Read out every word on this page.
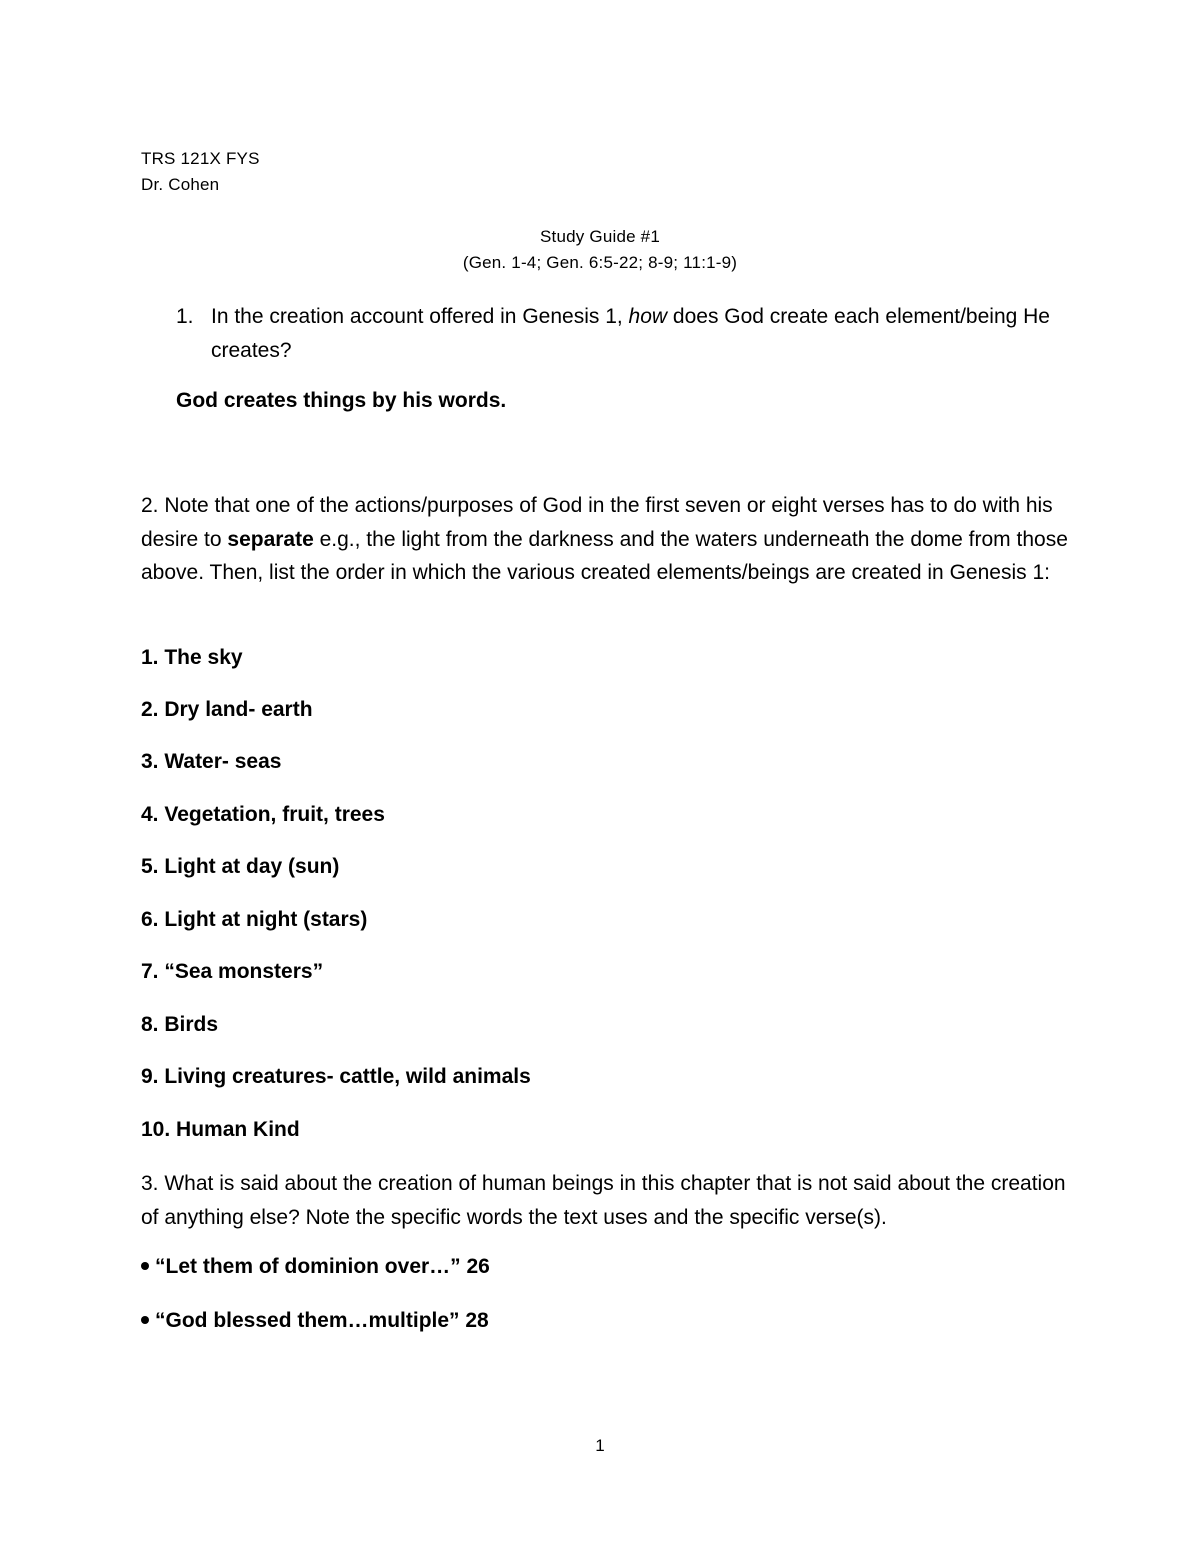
TRS 121X FYS
Dr. Cohen
Study Guide #1
(Gen. 1-4; Gen. 6:5-22; 8-9; 11:1-9)
1. In the creation account offered in Genesis 1, how does God create each element/being He creates?
God creates things by his words.
2. Note that one of the actions/purposes of God in the first seven or eight verses has to do with his desire to separate e.g., the light from the darkness and the waters underneath the dome from those above. Then, list the order in which the various created elements/beings are created in Genesis 1:
1. The sky
2. Dry land- earth
3. Water- seas
4. Vegetation, fruit, trees
5. Light at day (sun)
6. Light at night (stars)
7. “Sea monsters”
8. Birds
9. Living creatures- cattle, wild animals
10. Human Kind
3. What is said about the creation of human beings in this chapter that is not said about the creation of anything else? Note the specific words the text uses and the specific verse(s).
“Let them of dominion over…” 26
“God blessed them…multiple” 28
1
